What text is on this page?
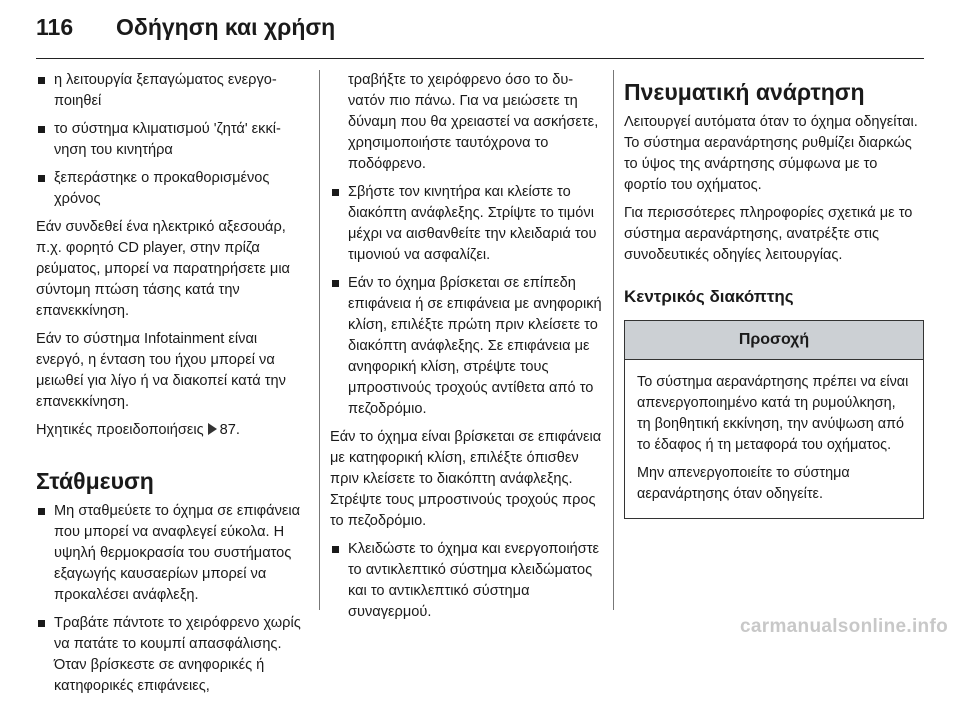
116	Οδήγηση και χρήση
η λειτουργία ξεπαγώματος ενεργοποιηθεί
το σύστημα κλιματισμού 'ζητά' εκκίνηση του κινητήρα
ξεπεράστηκε ο προκαθορισμένος χρόνος

Εάν συνδεθεί ένα ηλεκτρικό αξεσουάρ, π.χ. φορητό CD player, στην πρίζα ρεύματος, μπορεί να παρατηρήσετε μια σύντομη πτώση τάσης κατά την επανεκκίνηση.

Εάν το σύστημα Infotainment είναι ενεργό, η ένταση του ήχου μπορεί να μειωθεί για λίγο ή να διακοπεί κατά την επανεκκίνηση.

Ηχητικές προειδοποιήσεις 87.

Στάθμευση
Μη σταθμεύετε το όχημα σε επιφάνεια που μπορεί να αναφλεγεί εύκολα. Η υψηλή θερμοκρασία του συστήματος εξαγωγής καυσαερίων μπορεί να προκαλέσει ανάφλεξη.
Τραβάτε πάντοτε το χειρόφρενο χωρίς να πατάτε το κουμπί απασφάλισης. Όταν βρίσκεστε σε ανηφορικές ή κατηφορικές επιφάνειες,

τραβήξτε το χειρόφρενο όσο το δυνατόν πιο πάνω. Για να μειώσετε τη δύναμη που θα χρειαστεί να ασκήσετε, χρησιμοποιήστε ταυτόχρονα το ποδόφρενο.

Σβήστε τον κινητήρα και κλείστε το διακόπτη ανάφλεξης. Στρίψτε το τιμόνι μέχρι να αισθανθείτε την κλειδαριά του τιμονιού να ασφαλίζει.
Εάν το όχημα βρίσκεται σε επίπεδη επιφάνεια ή σε επιφάνεια με ανηφορική κλίση, επιλέξτε πρώτη πριν κλείσετε το διακόπτη ανάφλεξης. Σε επιφάνεια με ανηφορική κλίση, στρέψτε τους μπροστινούς τροχούς αντίθετα από το πεζοδρόμιο.
Εάν το όχημα είναι βρίσκεται σε επιφάνεια με κατηφορική κλίση, επιλέξτε όπισθεν πριν κλείσετε το διακόπτη ανάφλεξης. Στρέψτε τους μπροστινούς τροχούς προς το πεζοδρόμιο.
Κλειδώστε το όχημα και ενεργοποιήστε το αντικλεπτικό σύστημα κλειδώματος και το αντικλεπτικό σύστημα συναγερμού.
Πνευματική ανάρτηση

Λειτουργεί αυτόματα όταν το όχημα οδηγείται. Το σύστημα αερανάρτησης ρυθμίζει διαρκώς το ύψος της ανάρτησης σύμφωνα με το φορτίο του οχήματος.

Για περισσότερες πληροφορίες σχετικά με το σύστημα αερανάρτησης, ανατρέξτε στις συνοδευτικές οδηγίες λειτουργίας.

Κεντρικός διακόπτης
Προσοχή

Το σύστημα αερανάρτησης πρέπει να είναι απενεργοποιημένο κατά τη ρυμούλκηση, τη βοηθητική εκκίνηση, την ανύψωση από το έδαφος ή τη μεταφορά του οχήματος.

Μην απενεργοποιείτε το σύστημα αερανάρτησης όταν οδηγείτε.

carmanualsonline.info
